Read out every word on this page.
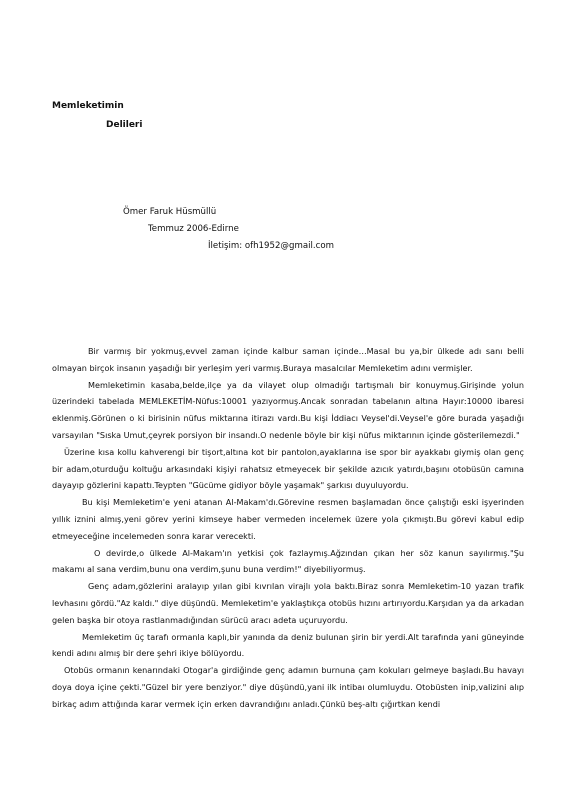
Memleketimin
Delileri
Ömer Faruk Hüsmüllü
Temmuz 2006-Edirne
İletişim: ofh1952@gmail.com

Bir varmış bir yokmuş,evvel zaman içinde kalbur saman içinde…Masal bu ya,bir ülkede adı sanı belli olmayan birçok insanın yaşadığı bir yerleşim yeri varmış.Buraya masalcılar Memleketim adını vermişler.

Memleketimin kasaba,belde,ilçe ya da vilayet olup olmadığı tartışmalı bir konuymuş.Girişinde yolun üzerindeki tabelada MEMLEKETİM-Nüfus:10001 yazıyormuş.Ancak sonradan tabelanın altına Hayır:10000 ibaresi eklenmiş.Görünen o ki birisinin nüfus miktarına itirazı vardı.Bu kişi İddiacı Veysel'di.Veysel'e göre burada yaşadığı varsayılan "Sıska Umut,çeyrek porsiyon bir insandı.O nedenle böyle bir kişi nüfus miktarının içinde gösterilemezdi."

Üzerine kısa kollu kahverengi bir tişort,altına kot bir pantolon,ayaklarına ise spor bir ayakkabı giymiş olan genç bir adam,oturduğu koltuğu arkasındaki kişiyi rahatsız etmeyecek bir şekilde azıcık yatırdı,başını otobüsün camına dayayıp gözlerini kapattı.Teypten "Gücüme gidiyor böyle yaşamak" şarkısı duyuluyordu.

Bu kişi Memleketim'e yeni atanan Al-Makam'dı.Görevine resmen başlamadan önce çalıştığı eski işyerinden yıllık iznini almış,yeni görev yerini kimseye haber vermeden incelemek üzere yola çıkmıştı.Bu görevi kabul edip etmeyeceğine incelemeden sonra karar verecekti.

O devirde,o ülkede Al-Makam'ın yetkisi çok fazlaymış.Ağzından çıkan her söz kanun sayılırmış."Şu makamı al sana verdim,bunu ona verdim,şunu buna verdim!" diyebiliyormuş.

Genç adam,gözlerini aralayıp yılan gibi kıvrılan virajlı yola baktı.Biraz sonra Memleketim-10 yazan trafik levhasını gördü."Az kaldı." diye düşündü. Memleketim'e yaklaştıkça otobüs hızını artırıyordu.Karşıdan ya da arkadan gelen başka bir otoya rastlanmadığından sürücü aracı adeta uçuruyordu.

Memleketim üç tarafı ormanla kaplı,bir yanında da deniz bulunan şirin bir yerdi.Alt tarafında yani güneyinde kendi adını almış bir dere şehri ikiye bölüyordu.

Otobüs ormanın kenarındaki Otogar'a girdiğinde genç adamın burnuna çam kokuları gelmeye başladı.Bu havayı doya doya içine çekti."Güzel bir yere benziyor." diye düşündü,yani ilk intibaı olumluydu. Otobüsten inip,valizini alıp birkaç adım attığında karar vermek için erken davrandığını anladı.Çünkü beş-altı çığırtkan kendi
